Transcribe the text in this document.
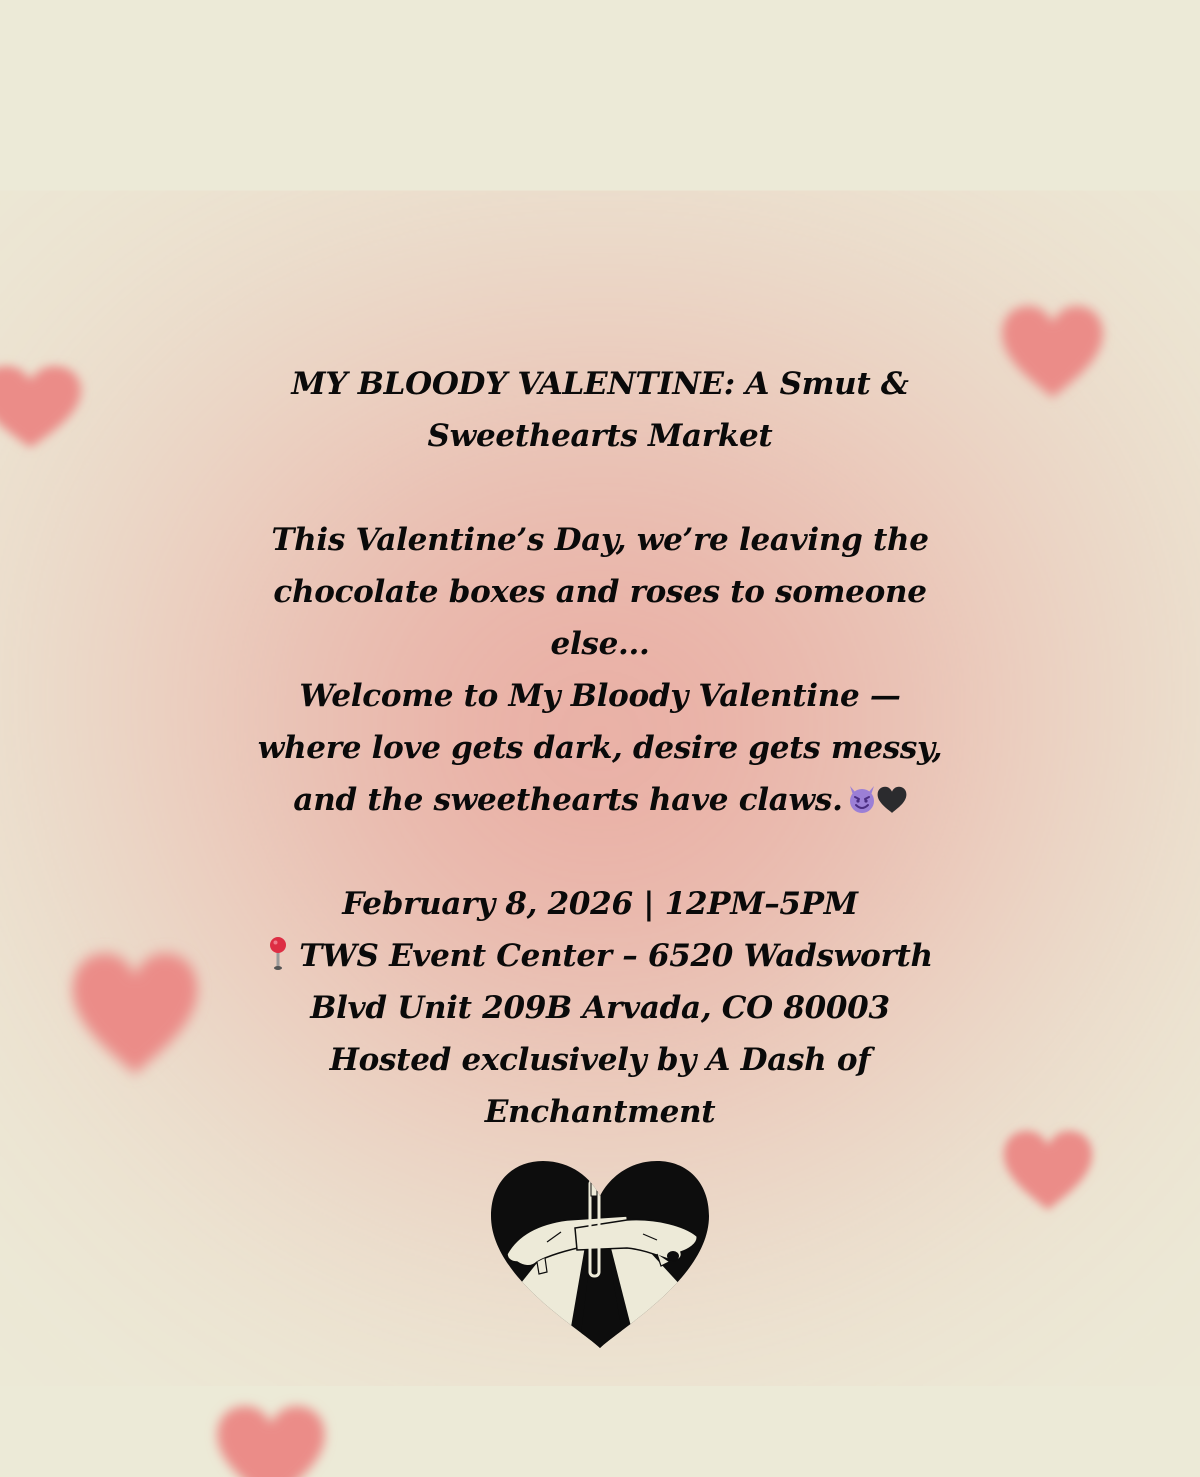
MY BLOODY VALENTINE: A Smut &
Sweethearts Market
This Valentine’s Day, we’re leaving the
chocolate boxes and roses to someone
else...
Welcome to My Bloody Valentine —
where love gets dark, desire gets messy,
and the sweethearts have claws.
February 8, 2026 | 12PM–5PM
TWS Event Center – 6520 Wadsworth
Blvd Unit 209B Arvada, CO 80003
Hosted exclusively by A Dash of
Enchantment
